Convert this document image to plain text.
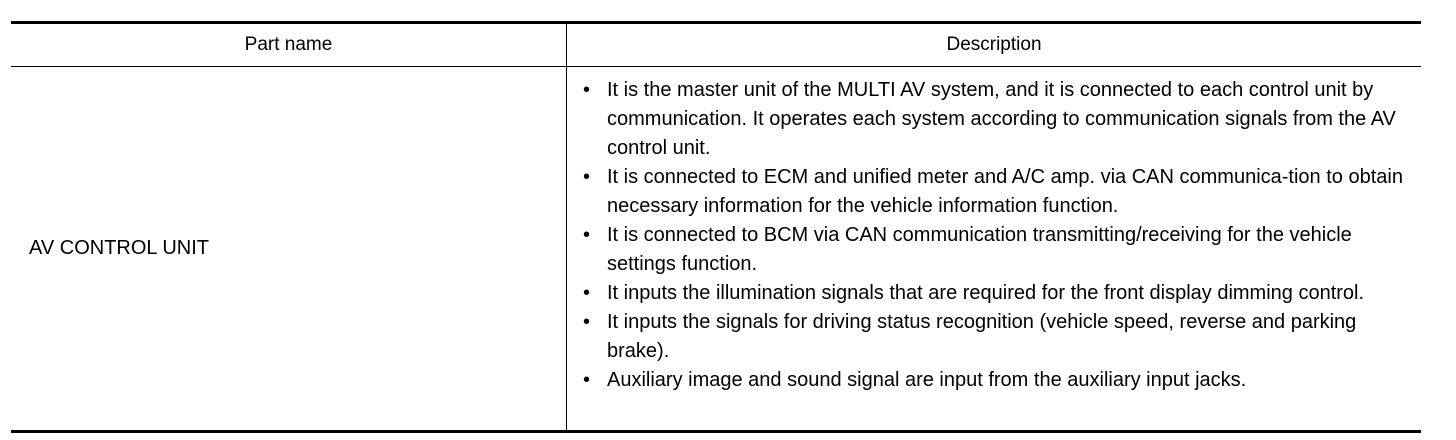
Part name	Description
AV CONTROL UNIT
• It is the master unit of the MULTI AV system, and it is connected to each control unit by communication. It operates each system according to communication signals from the AV control unit.
• It is connected to ECM and unified meter and A/C amp. via CAN communica-tion to obtain necessary information for the vehicle information function.
• It is connected to BCM via CAN communication transmitting/receiving for the vehicle settings function.
• It inputs the illumination signals that are required for the front display dimming control.
• It inputs the signals for driving status recognition (vehicle speed, reverse and parking brake).
• Auxiliary image and sound signal are input from the auxiliary input jacks.
